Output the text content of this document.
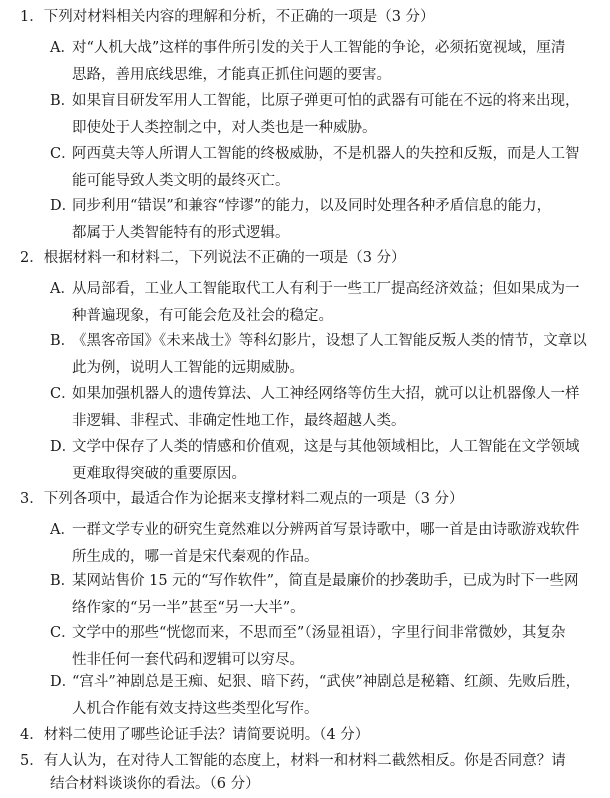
1．下列对材料相关内容的理解和分析，不正确的一项是（3 分）
A．
对“人机大战”这样的事件所引发的关于人工智能的争论，必须拓宽视域，厘清
思路，善用底线思维，才能真正抓住问题的要害。
B．
如果盲目研发军用人工智能，比原子弹更可怕的武器有可能在不远的将来出现，
即使处于人类控制之中，对人类也是一种威胁。
C．
阿西莫夫等人所谓人工智能的终极威胁，不是机器人的失控和反叛，而是人工智
能可能导致人类文明的最终灭亡。
D．
同步利用“错误”和兼容“悖谬”的能力，以及同时处理各种矛盾信息的能力，
都属于人类智能特有的形式逻辑。
2．根据材料一和材料二，下列说法不正确的一项是（3 分）
A．
从局部看，工业人工智能取代工人有利于一些工厂提高经济效益；但如果成为一
种普遍现象，有可能会危及社会的稳定。
B．
《黑客帝国》《未来战士》等科幻影片，设想了人工智能反叛人类的情节，文章以
此为例，说明人工智能的远期威胁。
C．
如果加强机器人的遗传算法、人工神经网络等仿生大招，就可以让机器像人一样
非逻辑、非程式、非确定性地工作，最终超越人类。
D．
文学中保存了人类的情感和价值观，这是与其他领域相比，人工智能在文学领域
更难取得突破的重要原因。
3．下列各项中，最适合作为论据来支撑材料二观点的一项是（3 分）
A．
一群文学专业的研究生竟然难以分辨两首写景诗歌中，哪一首是由诗歌游戏软件
所生成的，哪一首是宋代秦观的作品。
B．
某网站售价 15 元的“写作软件”，简直是最廉价的抄袭助手，已成为时下一些网
络作家的“另一半”甚至“另一大半”。
C．
文学中的那些“恍惚而来，不思而至”（汤显祖语），字里行间非常微妙，其复杂
性非任何一套代码和逻辑可以穷尽。
D．
“宫斗”神剧总是王痴、妃狠、暗下药，“武侠”神剧总是秘籍、红颜、先败后胜，
人机合作能有效支持这些类型化写作。
4．材料二使用了哪些论证手法？请简要说明。（4 分）
5．有人认为，在对待人工智能的态度上，材料一和材料二截然相反。你是否同意？请
结合材料谈谈你的看法。（6 分）
